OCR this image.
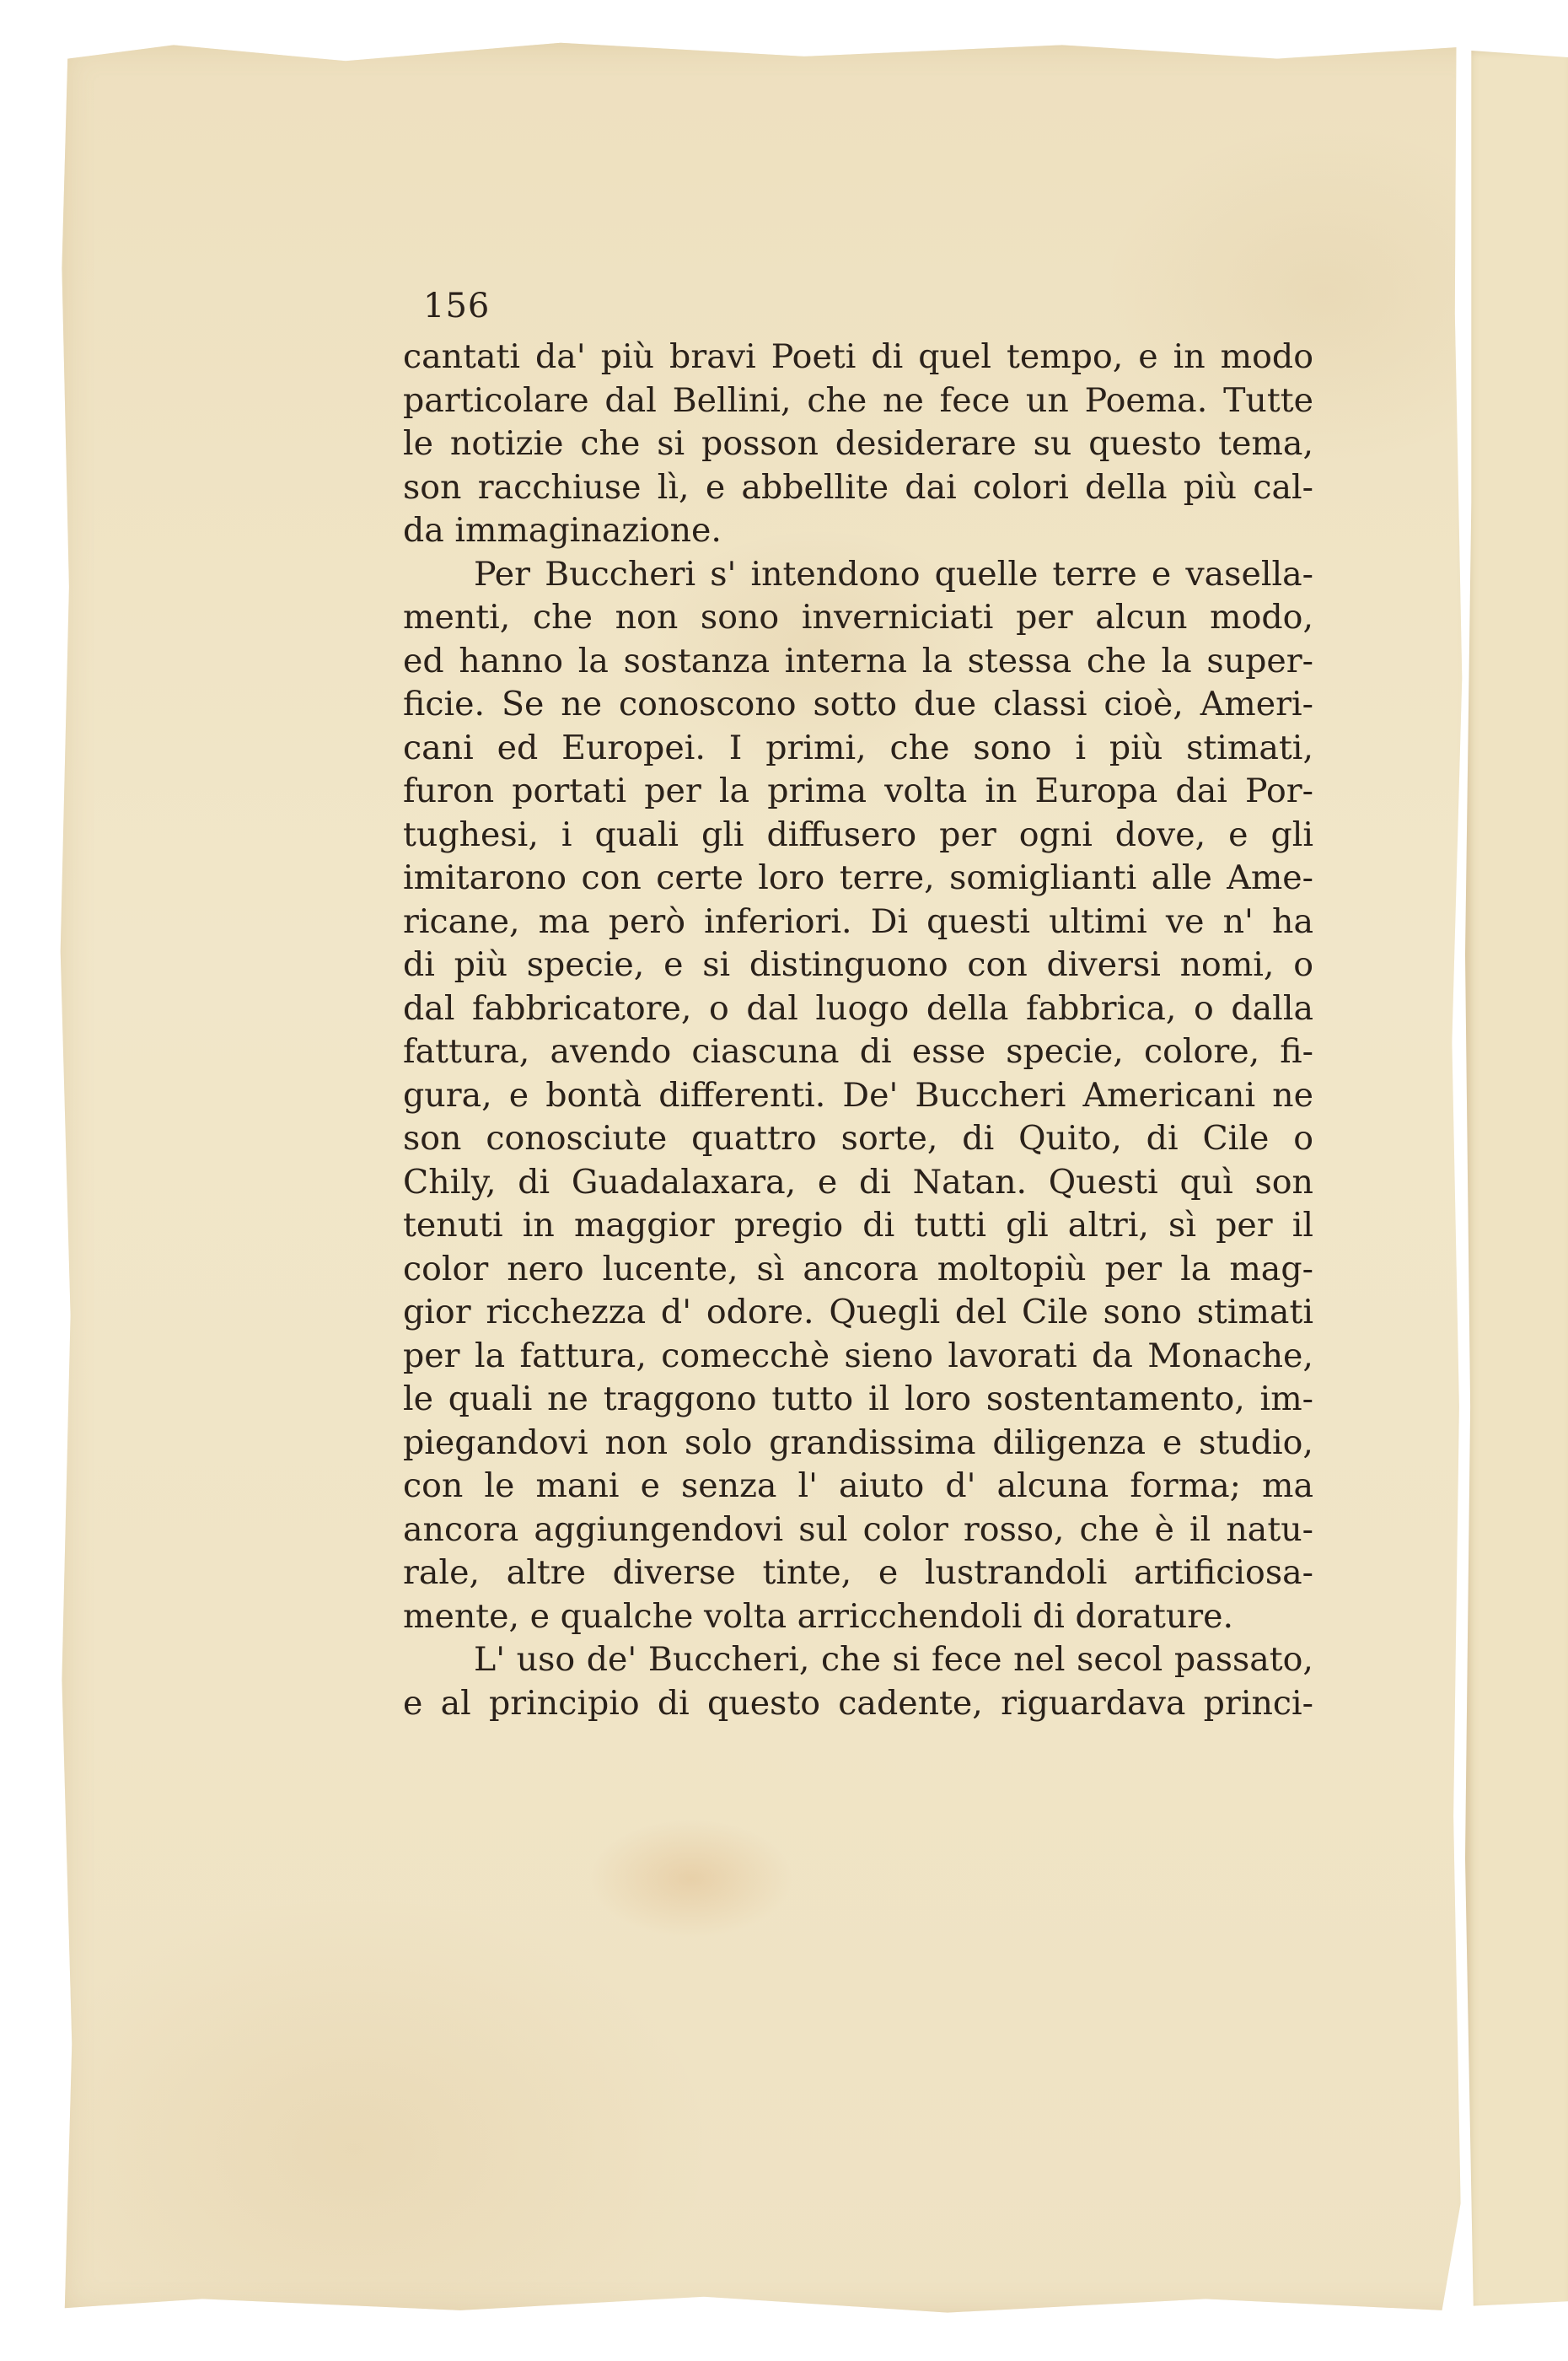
156
cantati da' più bravi Poeti di quel tempo, e in modo
particolare dal Bellini, che ne fece un Poema. Tutte
le notizie che si posson desiderare su questo tema,
son racchiuse lì, e abbellite dai colori della più cal-
da immaginazione.
Per Buccheri s' intendono quelle terre e vasella-
menti, che non sono inverniciati per alcun modo,
ed hanno la sostanza interna la stessa che la super-
ficie. Se ne conoscono sotto due classi cioè, Ameri-
cani ed Europei. I primi, che sono i più stimati,
furon portati per la prima volta in Europa dai Por-
tughesi, i quali gli diffusero per ogni dove, e gli
imitarono con certe loro terre, somiglianti alle Ame-
ricane, ma però inferiori. Di questi ultimi ve n' ha
di più specie, e si distinguono con diversi nomi, o
dal fabbricatore, o dal luogo della fabbrica, o dalla
fattura, avendo ciascuna di esse specie, colore, fi-
gura, e bontà differenti. De' Buccheri Americani ne
son conosciute quattro sorte, di Quito, di Cile o
Chily, di Guadalaxara, e di Natan. Questi quì son
tenuti in maggior pregio di tutti gli altri, sì per il
color nero lucente, sì ancora moltopiù per la mag-
gior ricchezza d' odore. Quegli del Cile sono stimati
per la fattura, comecchè sieno lavorati da Monache,
le quali ne traggono tutto il loro sostentamento, im-
piegandovi non solo grandissima diligenza e studio,
con le mani e senza l' aiuto d' alcuna forma; ma
ancora aggiungendovi sul color rosso, che è il natu-
rale, altre diverse tinte, e lustrandoli artificiosa-
mente, e qualche volta arricchendoli di dorature.
L' uso de' Buccheri, che si fece nel secol passato,
e al principio di questo cadente, riguardava princi-
